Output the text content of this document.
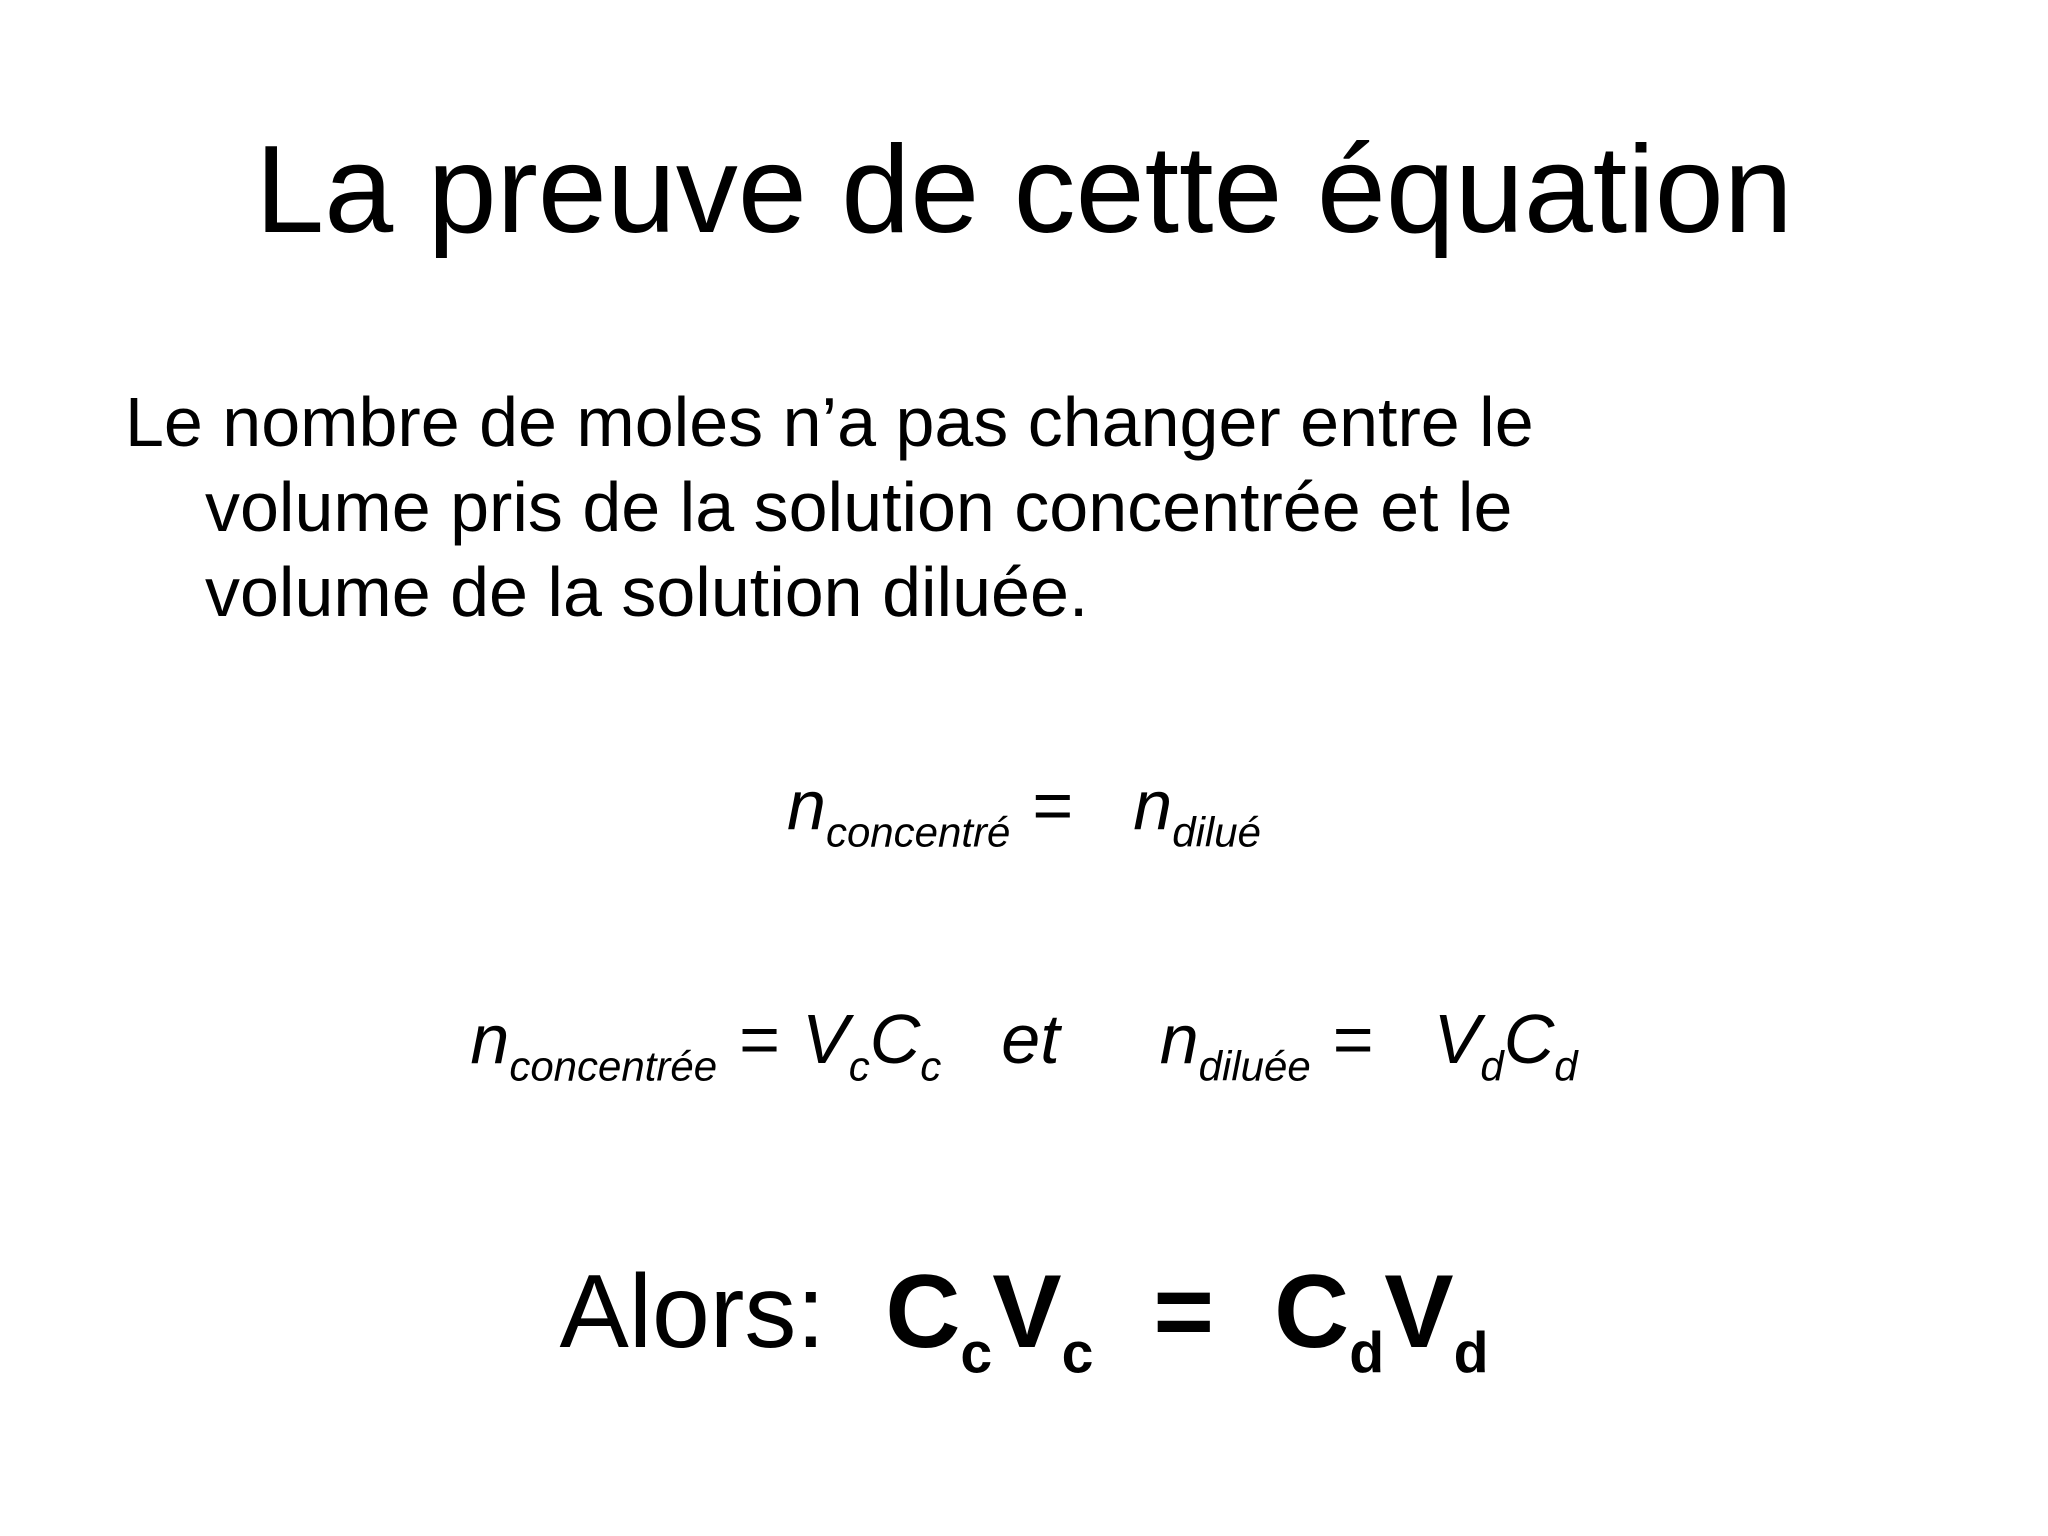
La preuve de cette équation
Le nombre de moles n’a pas changer entre le
volume pris de la solution concentrée et le
volume de la solution diluée.
$n_{concentré} = n_{dilué}$
$n_{concentrée} = V_cC_c$ et $n_{diluée} = V_dC_d$
Alors: $C_cV_c = C_dV_d$
